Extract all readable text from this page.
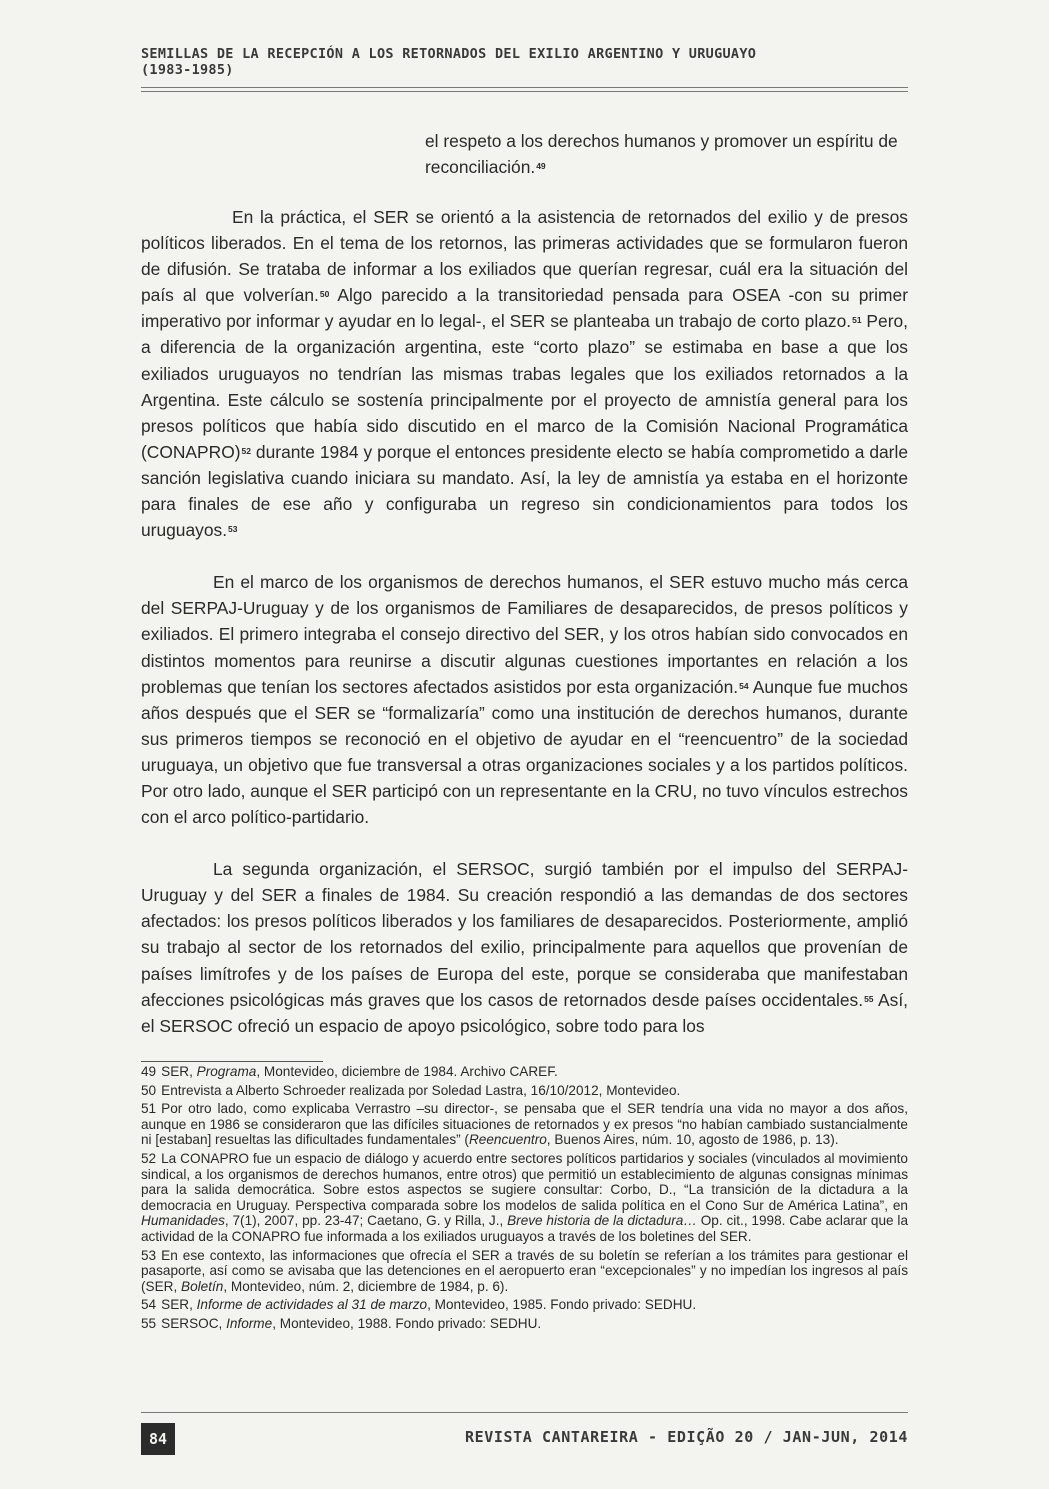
SEMILLAS DE LA RECEPCIÓN A LOS RETORNADOS DEL EXILIO ARGENTINO Y URUGUAYO
(1983-1985)
el respeto a los derechos humanos y promover un espíritu de reconciliación.$^{49}$

En la práctica, el SER se orientó a la asistencia de retornados del exilio y de presos políticos liberados. En el tema de los retornos, las primeras actividades que se formularon fueron de difusión. Se trataba de informar a los exiliados que querían regresar, cuál era la situación del país al que volverían.$^{50}$ Algo parecido a la transitoriedad pensada para OSEA -con su primer imperativo por informar y ayudar en lo legal-, el SER se planteaba un trabajo de corto plazo.$^{51}$ Pero, a diferencia de la organización argentina, este “corto plazo” se estimaba en base a que los exiliados uruguayos no tendrían las mismas trabas legales que los exiliados retornados a la Argentina. Este cálculo se sostenía principalmente por el proyecto de amnistía general para los presos políticos que había sido discutido en el marco de la Comisión Nacional Programática (CONAPRO)$^{52}$ durante 1984 y porque el entonces presidente electo se había comprometido a darle sanción legislativa cuando iniciara su mandato. Así, la ley de amnistía ya estaba en el horizonte para finales de ese año y configuraba un regreso sin condicionamientos para todos los uruguayos.$^{53}$

En el marco de los organismos de derechos humanos, el SER estuvo mucho más cerca del SERPAJ-Uruguay y de los organismos de Familiares de desaparecidos, de presos políticos y exiliados. El primero integraba el consejo directivo del SER, y los otros habían sido convocados en distintos momentos para reunirse a discutir algunas cuestiones importantes en relación a los problemas que tenían los sectores afectados asistidos por esta organización.$^{54}$ Aunque fue muchos años después que el SER se “formalizaría” como una institución de derechos humanos, durante sus primeros tiempos se reconoció en el objetivo de ayudar en el “reencuentro” de la sociedad uruguaya, un objetivo que fue transversal a otras organizaciones sociales y a los partidos políticos. Por otro lado, aunque el SER participó con un representante en la CRU, no tuvo vínculos estrechos con el arco político-partidario.

La segunda organización, el SERSOC, surgió también por el impulso del SERPAJ-Uruguay y del SER a finales de 1984. Su creación respondió a las demandas de dos sectores afectados: los presos políticos liberados y los familiares de desaparecidos. Posteriormente, amplió su trabajo al sector de los retornados del exilio, principalmente para aquellos que provenían de países limítrofes y de los países de Europa del este, porque se consideraba que manifestaban afecciones psicológicas más graves que los casos de retornados desde países occidentales.$^{55}$ Así, el SERSOC ofreció un espacio de apoyo psicológico, sobre todo para los

49 SER, Programa, Montevideo, diciembre de 1984. Archivo CAREF.
50 Entrevista a Alberto Schroeder realizada por Soledad Lastra, 16/10/2012, Montevideo.
51 Por otro lado, como explicaba Verrastro –su director-, se pensaba que el SER tendría una vida no mayor a dos años, aunque en 1986 se consideraron que las difíciles situaciones de retornados y ex presos “no habían cambiado sustancialmente ni [estaban] resueltas las dificultades fundamentales” (Reencuentro, Buenos Aires, núm. 10, agosto de 1986, p. 13).
52 La CONAPRO fue un espacio de diálogo y acuerdo entre sectores políticos partidarios y sociales (vinculados al movimiento sindical, a los organismos de derechos humanos, entre otros) que permitió un establecimiento de algunas consignas mínimas para la salida democrática. Sobre estos aspectos se sugiere consultar: Corbo, D., “La transición de la dictadura a la democracia en Uruguay. Perspectiva comparada sobre los modelos de salida política en el Cono Sur de América Latina”, en Humanidades, 7(1), 2007, pp. 23-47; Caetano, G. y Rilla, J., Breve historia de la dictadura… Op. cit., 1998. Cabe aclarar que la actividad de la CONAPRO fue informada a los exiliados uruguayos a través de los boletines del SER.
53 En ese contexto, las informaciones que ofrecía el SER a través de su boletín se referían a los trámites para gestionar el pasaporte, así como se avisaba que las detenciones en el aeropuerto eran “excepcionales” y no impedían los ingresos al país (SER, Boletín, Montevideo, núm. 2, diciembre de 1984, p. 6).
54 SER, Informe de actividades al 31 de marzo, Montevideo, 1985. Fondo privado: SEDHU.
55 SERSOC, Informe, Montevideo, 1988. Fondo privado: SEDHU.
84	REVISTA CANTAREIRA - EDIÇÃO 20 / JAN-JUN, 2014
